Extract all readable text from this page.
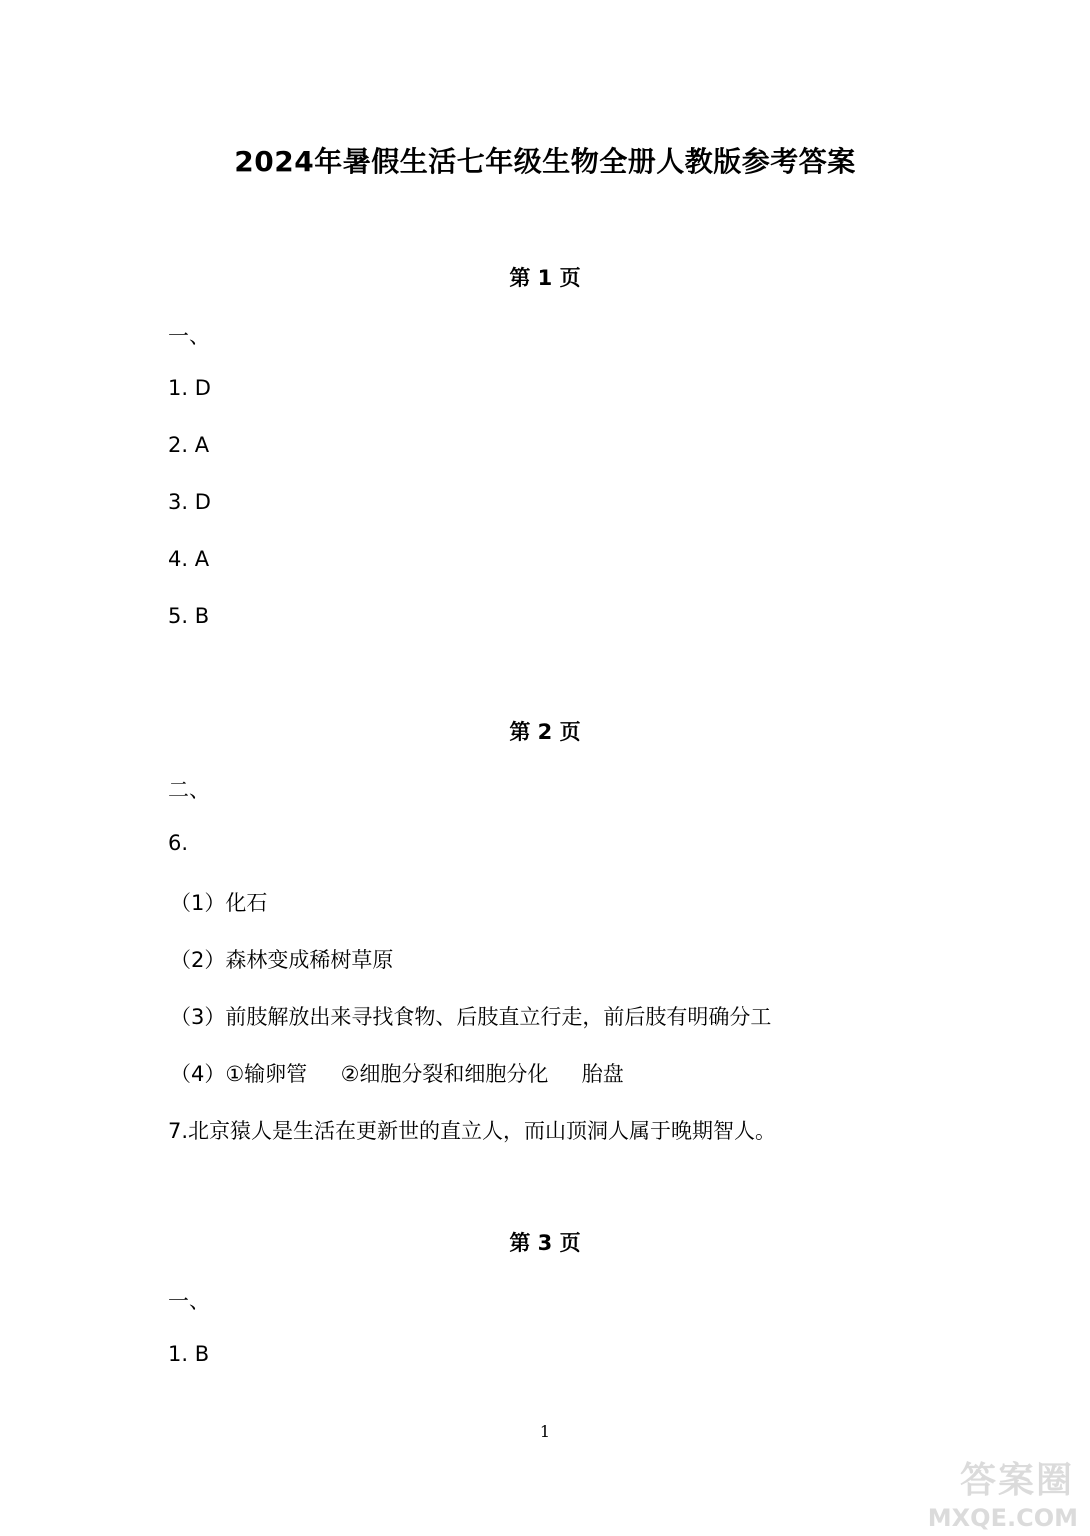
2024年暑假生活七年级生物全册人教版参考答案
第 1 页
一、
1. D
2. A
3. D
4. A
5. B
第 2 页
二、
6.
（1）化石
（2）森林变成稀树草原
（3）前肢解放出来寻找食物、后肢直立行走，前后肢有明确分工
（4）①输卵管     ②细胞分裂和细胞分化     胎盘
7.北京猿人是生活在更新世的直立人，而山顶洞人属于晚期智人。
第 3 页
一、
1. B
1
答案圈
MXQE.COM
